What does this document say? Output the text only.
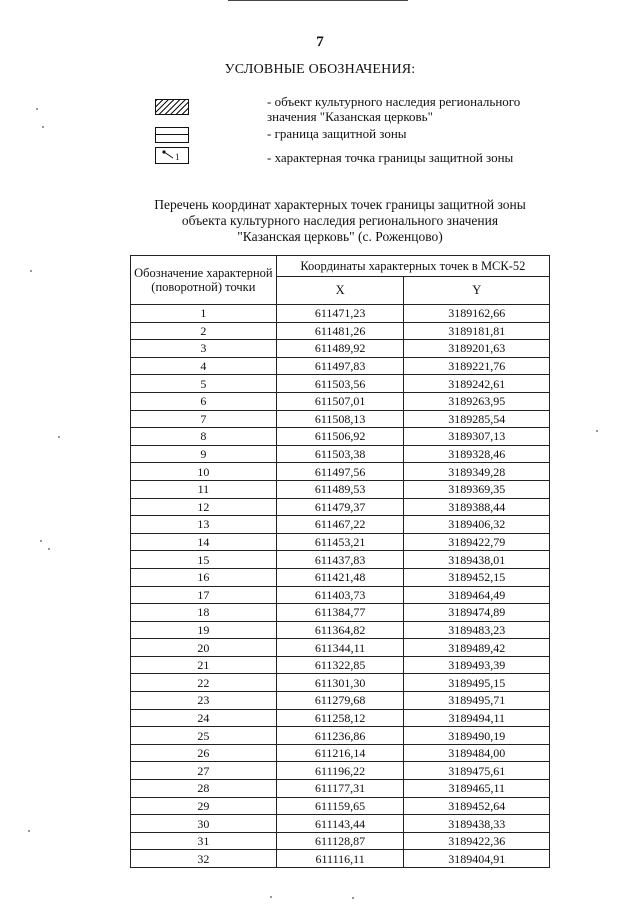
7
УСЛОВНЫЕ ОБОЗНАЧЕНИЯ:
- объект культурного наследия регионального
значения "Казанская церковь"
- граница защитной зоны
1	- характерная точка границы защитной зоны
Перечень координат характерных точек границы защитной зоны
объекта культурного наследия регионального значения
"Казанская церковь" (с. Роженцово)
Обозначение характерной (поворотной) точки	Координаты характерных точек в МСК-52	
	X	Y
1	611471,23	3189162,66
2	611481,26	3189181,81
3	611489,92	3189201,63
4	611497,83	3189221,76
5	611503,56	3189242,61
6	611507,01	3189263,95
7	611508,13	3189285,54
8	611506,92	3189307,13
9	611503,38	3189328,46
10	611497,56	3189349,28
11	611489,53	3189369,35
12	611479,37	3189388,44
13	611467,22	3189406,32
14	611453,21	3189422,79
15	611437,83	3189438,01
16	611421,48	3189452,15
17	611403,73	3189464,49
18	611384,77	3189474,89
19	611364,82	3189483,23
20	611344,11	3189489,42
21	611322,85	3189493,39
22	611301,30	3189495,15
23	611279,68	3189495,71
24	611258,12	3189494,11
25	611236,86	3189490,19
26	611216,14	3189484,00
27	611196,22	3189475,61
28	611177,31	3189465,11
29	611159,65	3189452,64
30	611143,44	3189438,33
31	611128,87	3189422,36
32	611116,11	3189404,91
